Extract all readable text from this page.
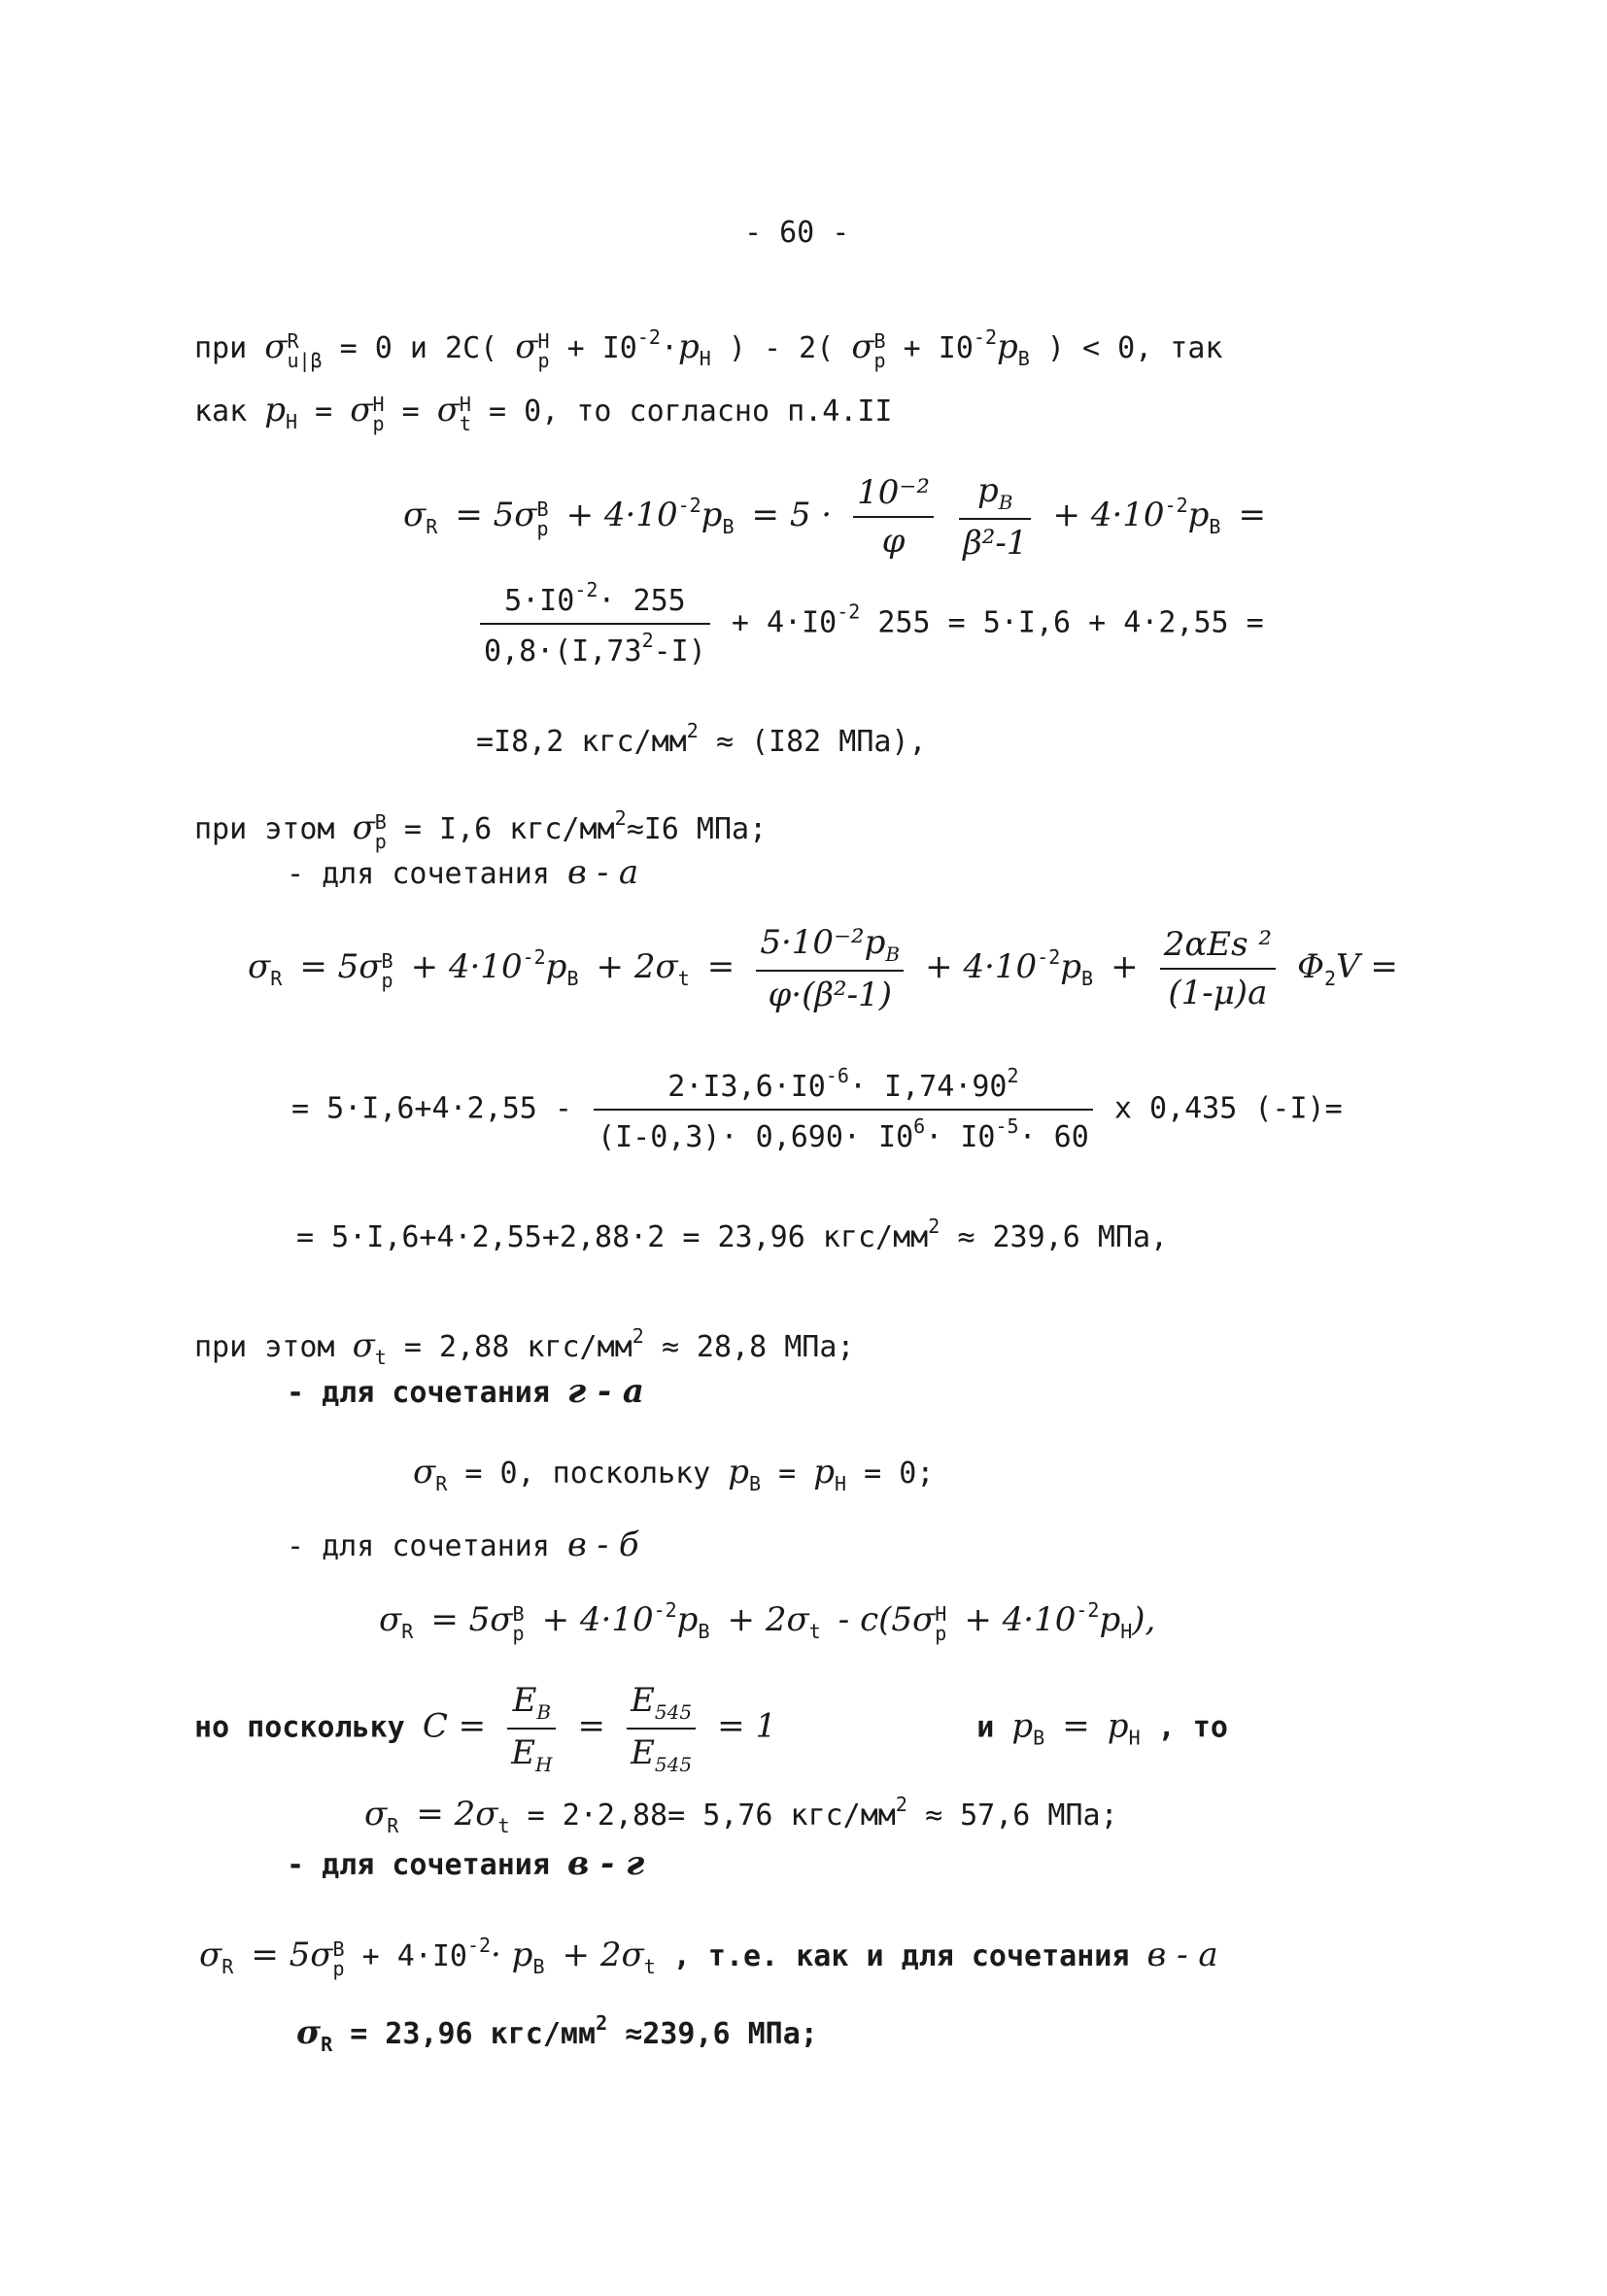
- 60 -
при σ R
u|β = 0 и 2С( σ Н
$р + I0^{-2}\cdot p_Н$ ) - 2( σ В
$р + I0^{-2}p_В$ ) < 0, так
как $p_Н = \sigma$ Н
р = σ Н
t = 0, то согласно п.4.II
$\sigma_R = 5\sigma$ В
$р + 4\cdot 10^{-2}p_В = 5 \cdot \frac{\text{10⁻²}}{\varphi}$
$\frac{p_В}{\text{β²-1}} + 4\cdot 10^{-2}p_В$ =
$\frac{5\cdot I0^{-2}\cdot 255}{0,8\cdot(I,73^2-I)} + 4\cdot I0^{-2}$ 255 = 5·I,6 + 4·2,55 =
=I8,2 кгс/$мм^2 \approx (I82$ МПа),
при этом σ В
р = I,6 кгс/$мм^2\approx I6$ МПа;
- для сочетания в - а
$\sigma_R = 5\sigma$ В
$р + 4\cdot 10^{-2}p_В + 2\sigma_t = \frac{5\cdot 10^{-2}p_В}{\text{φ·(β²-1)}} + 4\cdot 10^{-2}p_В + \frac{\text{2αEs ²}}{(1-\mu)a} \Phi_2V$ =
= $5\cdot I,6+4\cdot 2,55 - \frac{2\cdot I3,6\cdot I0^{-6}\cdot I,74\cdot 90^2}{(I-0,3)\cdot 0,690\cdot I0^6\cdot I0^{-5}\cdot 60}$ x 0,435 (-I)=
= 5·I,6+4·2,55+2,88·2 = 23,96 кгс/$мм^2 \approx 239,6$ МПа,
при этом $\sigma_t = 2,88$ кгс/$мм^2 \approx 28,8$ МПа;
- для сочетания г - а
$\sigma_R = 0$, поскольку $p_В = p_Н = 0$;
- для сочетания в - б
$\sigma_R = 5\sigma$ В
$р + 4\cdot 10^{-2}p_В + 2\sigma_t - c(5\sigma$ Н
$р + 4\cdot 10^{-2}p_Н$),
но поскольку $C = \frac{E_В}{E_Н} = \frac{E_{545}}{E_{545}} = 1$	и $p_В = p_Н$ , то
$\sigma_R = 2\sigma_t = 2\cdot 2,88= 5,76$ кгс/$мм^2 \approx 57,6$ МПа;
- для сочетания в - г
$\sigma_R = 5\sigma$ В
$р + 4\cdot I0^{-2}\cdot p_В + 2\sigma_t$ , т.е. как и для сочетания в - а
$\sigma_R = 23,96$ кгс/$мм^2 \approx 239,6$ МПа;
